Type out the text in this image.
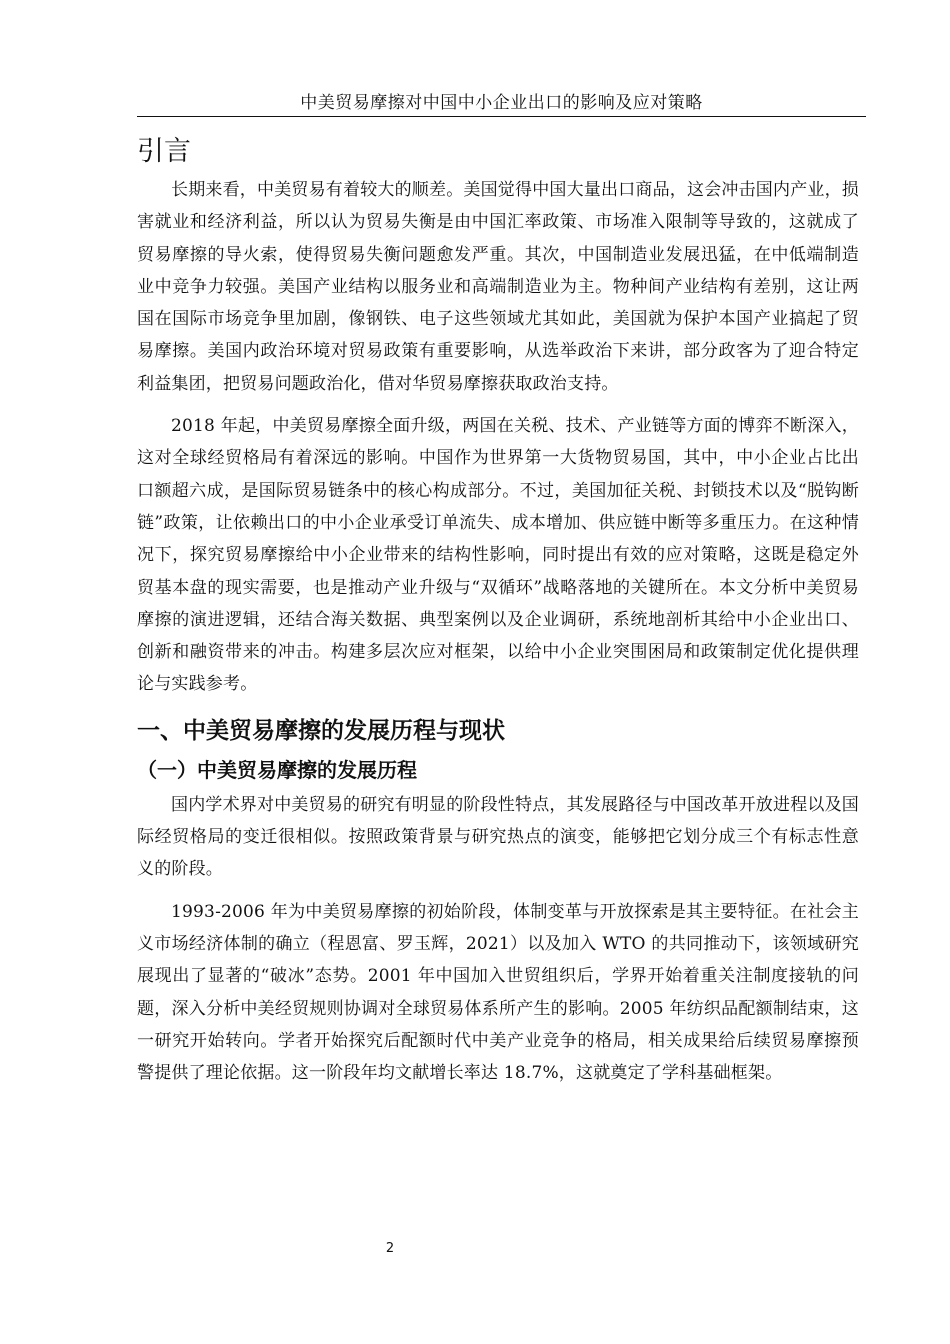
中美贸易摩擦对中国中小企业出口的影响及应对策略
引言

长期来看，中美贸易有着较大的顺差。美国觉得中国大量出口商品，这会冲击国内产业，损害就业和经济利益，所以认为贸易失衡是由中国汇率政策、市场准入限制等导致的，这就成了贸易摩擦的导火索，使得贸易失衡问题愈发严重。其次，中国制造业发展迅猛，在中低端制造业中竞争力较强。美国产业结构以服务业和高端制造业为主。物种间产业结构有差别，这让两国在国际市场竞争里加剧，像钢铁、电子这些领域尤其如此，美国就为保护本国产业搞起了贸易摩擦。美国内政治环境对贸易政策有重要影响，从选举政治下来讲，部分政客为了迎合特定利益集团，把贸易问题政治化，借对华贸易摩擦获取政治支持。

2018 年起，中美贸易摩擦全面升级，两国在关税、技术、产业链等方面的博弈不断深入，这对全球经贸格局有着深远的影响。中国作为世界第一大货物贸易国，其中，中小企业占比出口额超六成，是国际贸易链条中的核心构成部分。不过，美国加征关税、封锁技术以及“脱钩断链”政策，让依赖出口的中小企业承受订单流失、成本增加、供应链中断等多重压力。在这种情况下，探究贸易摩擦给中小企业带来的结构性影响，同时提出有效的应对策略，这既是稳定外贸基本盘的现实需要，也是推动产业升级与“双循环”战略落地的关键所在。本文分析中美贸易摩擦的演进逻辑，还结合海关数据、典型案例以及企业调研，系统地剖析其给中小企业出口、创新和融资带来的冲击。构建多层次应对框架，以给中小企业突围困局和政策制定优化提供理论与实践参考。

一、中美贸易摩擦的发展历程与现状
（一）中美贸易摩擦的发展历程

国内学术界对中美贸易的研究有明显的阶段性特点，其发展路径与中国改革开放进程以及国际经贸格局的变迁很相似。按照政策背景与研究热点的演变，能够把它划分成三个有标志性意义的阶段。

1993-2006 年为中美贸易摩擦的初始阶段，体制变革与开放探索是其主要特征。在社会主义市场经济体制的确立（程恩富、罗玉辉，2021）以及加入 WTO 的共同推动下，该领域研究展现出了显著的“破冰”态势。2001 年中国加入世贸组织后，学界开始着重关注制度接轨的问题，深入分析中美经贸规则协调对全球贸易体系所产生的影响。2005 年纺织品配额制结束，这一研究开始转向。学者开始探究后配额时代中美产业竞争的格局，相关成果给后续贸易摩擦预警提供了理论依据。这一阶段年均文献增长率达 18.7%，这就奠定了学科基础框架。

2
